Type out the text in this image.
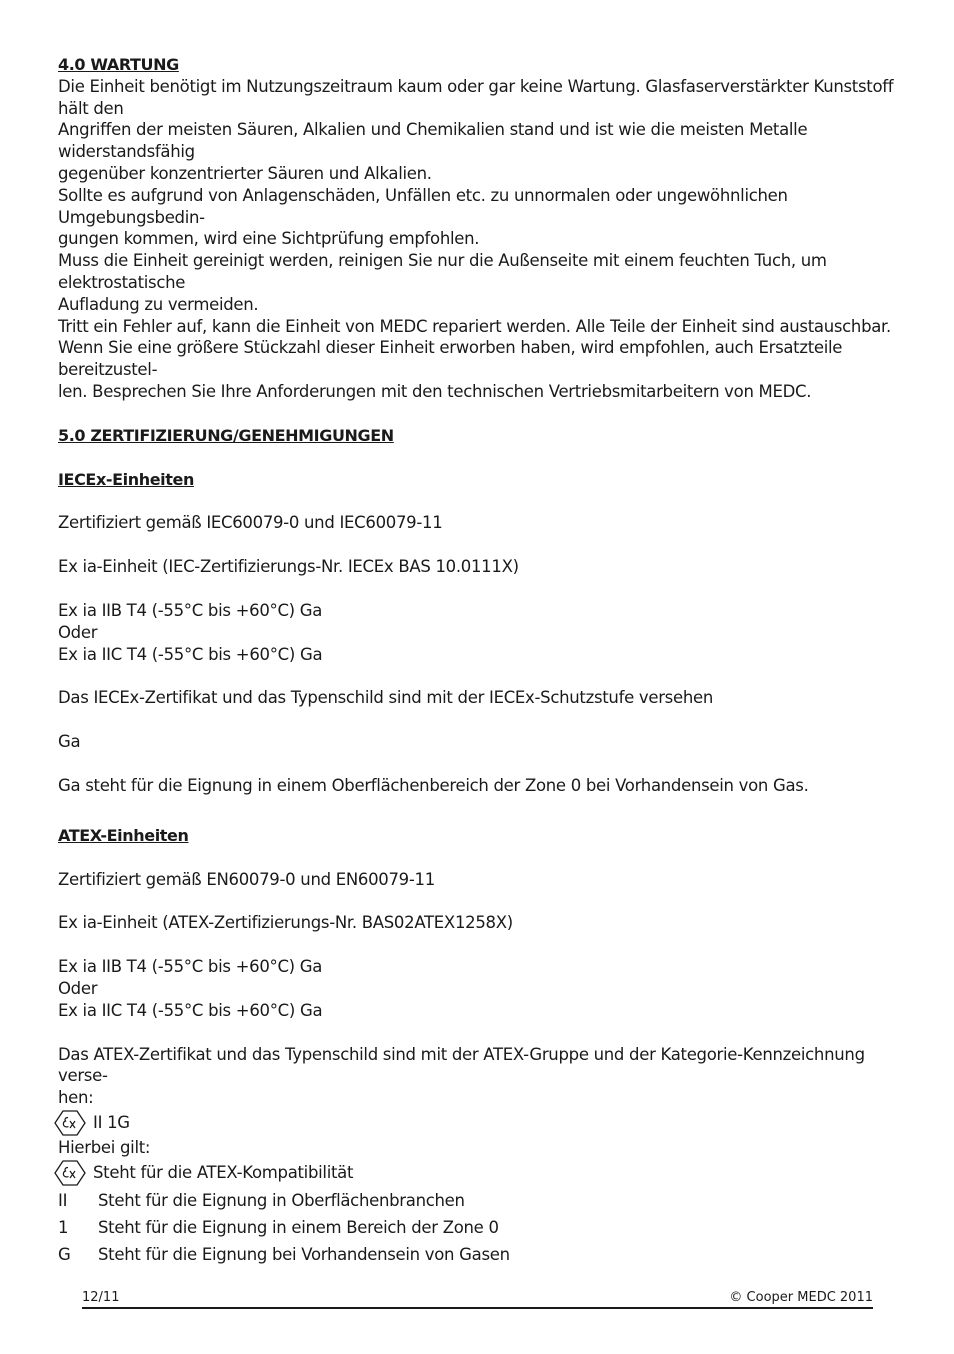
4.0 WARTUNG

Die Einheit benötigt im Nutzungszeitraum kaum oder gar keine Wartung. Glasfaserverstärkter Kunststoff hält den

Angriffen der meisten Säuren, Alkalien und Chemikalien stand und ist wie die meisten Metalle widerstandsfähig

gegenüber konzentrierter Säuren und Alkalien.

Sollte es aufgrund von Anlagenschäden, Unfällen etc. zu unnormalen oder ungewöhnlichen Umgebungsbedin-

gungen kommen, wird eine Sichtprüfung empfohlen.

Muss die Einheit gereinigt werden, reinigen Sie nur die Außenseite mit einem feuchten Tuch, um elektrostatische

Aufladung zu vermeiden.

Tritt ein Fehler auf, kann die Einheit von MEDC repariert werden. Alle Teile der Einheit sind austauschbar.

Wenn Sie eine größere Stückzahl dieser Einheit erworben haben, wird empfohlen, auch Ersatzteile bereitzustel-

len. Besprechen Sie Ihre Anforderungen mit den technischen Vertriebsmitarbeitern von MEDC.

5.0 ZERTIFIZIERUNG/GENEHMIGUNGEN

IECEx-Einheiten

Zertifiziert gemäß IEC60079-0 und IEC60079-11

Ex ia-Einheit (IEC-Zertifizierungs-Nr. IECEx BAS 10.0111X)

Ex ia IIB T4 (-55°C bis +60°C) Ga

Oder

Ex ia IIC T4 (-55°C bis +60°C) Ga

Das IECEx-Zertifikat und das Typenschild sind mit der IECEx-Schutzstufe versehen

Ga

Ga steht für die Eignung in einem Oberflächenbereich der Zone 0 bei Vorhandensein von Gas.

ATEX-Einheiten

Zertifiziert gemäß EN60079-0 und EN60079-11

Ex ia-Einheit (ATEX-Zertifizierungs-Nr. BAS02ATEX1258X)

Ex ia IIB T4 (-55°C bis +60°C) Ga

Oder

Ex ia IIC T4 (-55°C bis +60°C) Ga

Das ATEX-Zertifikat und das Typenschild sind mit der ATEX-Gruppe und der Kategorie-Kennzeichnung verse-

hen:

II 1G

Hierbei gilt:

Steht für die ATEX-Kompatibilität
II	Steht für die Eignung in Oberflächenbranchen
1	Steht für die Eignung in einem Bereich der Zone 0
G	Steht für die Eignung bei Vorhandensein von Gasen
12/11	© Cooper MEDC 2011
